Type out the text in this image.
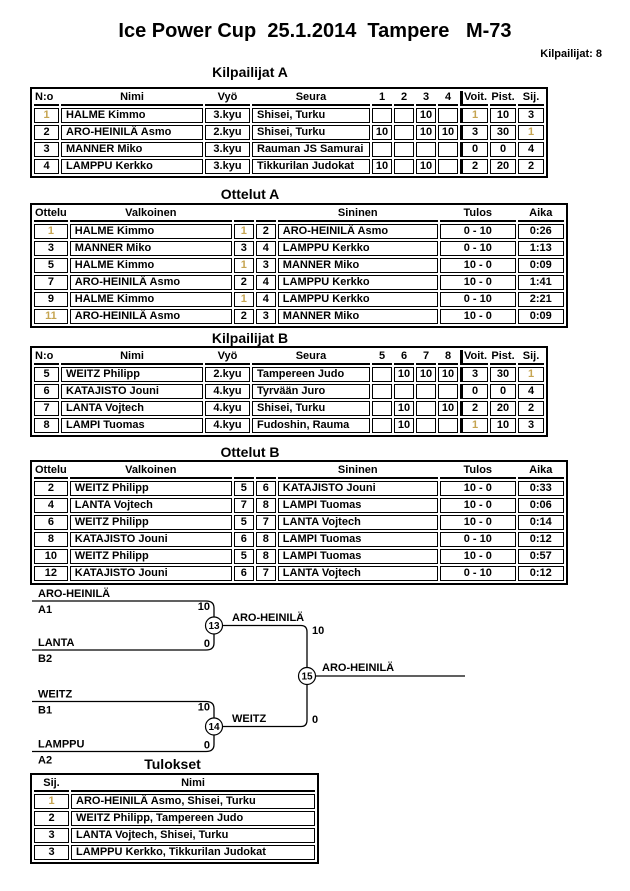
Ice Power Cup  25.1.2014  Tampere   M-73
Kilpailijat: 8
Kilpailijat A
N:o	Nimi	Vyö	Seura	1	2	3	4	Voit.	Pist.	Sij.
1	HALME Kimmo	3.kyu	Shisei, Turku			10		1	10	3
2	ARO-HEINILÄ Asmo	2.kyu	Shisei, Turku	10		10	10	3	30	1
3	MANNER Miko	3.kyu	Rauman JS Samurai					0	0	4
4	LAMPPU Kerkko	3.kyu	Tikkurilan Judokat	10		10		2	20	2
Ottelut A
Ottelu	Valkoinen			Sininen	Tulos	Aika
1	HALME Kimmo	1	2	ARO-HEINILÄ Asmo	0 - 10	0:26
3	MANNER Miko	3	4	LAMPPU Kerkko	0 - 10	1:13
5	HALME Kimmo	1	3	MANNER Miko	10 - 0	0:09
7	ARO-HEINILÄ Asmo	2	4	LAMPPU Kerkko	10 - 0	1:41
9	HALME Kimmo	1	4	LAMPPU Kerkko	0 - 10	2:21
11	ARO-HEINILÄ Asmo	2	3	MANNER Miko	10 - 0	0:09
Kilpailijat B
N:o	Nimi	Vyö	Seura	5	6	7	8	Voit.	Pist.	Sij.
5	WEITZ Philipp	2.kyu	Tampereen Judo		10	10	10	3	30	1
6	KATAJISTO Jouni	4.kyu	Tyrvään Juro					0	0	4
7	LANTA Vojtech	4.kyu	Shisei, Turku		10		10	2	20	2
8	LAMPI Tuomas	4.kyu	Fudoshin, Rauma		10			1	10	3
Ottelut B
Ottelu	Valkoinen			Sininen	Tulos	Aika
2	WEITZ Philipp	5	6	KATAJISTO Jouni	10 - 0	0:33
4	LANTA Vojtech	7	8	LAMPI Tuomas	10 - 0	0:06
6	WEITZ Philipp	5	7	LANTA Vojtech	10 - 0	0:14
8	KATAJISTO Jouni	6	8	LAMPI Tuomas	0 - 10	0:12
10	WEITZ Philipp	5	8	LAMPI Tuomas	10 - 0	0:57
12	KATAJISTO Jouni	6	7	LANTA Vojtech	0 - 10	0:12
13
14
15
ARO-HEINILÄ
A1	10
LANTA
B2
0
WEITZ
B1	10
LAMPPU
A2
0
ARO-HEINILÄ
10
WEITZ	0
ARO-HEINILÄ
Tulokset
Sij.	Nimi
1	ARO-HEINILÄ Asmo, Shisei, Turku
2	WEITZ Philipp, Tampereen Judo
3	LANTA Vojtech, Shisei, Turku
3	LAMPPU Kerkko, Tikkurilan Judokat
